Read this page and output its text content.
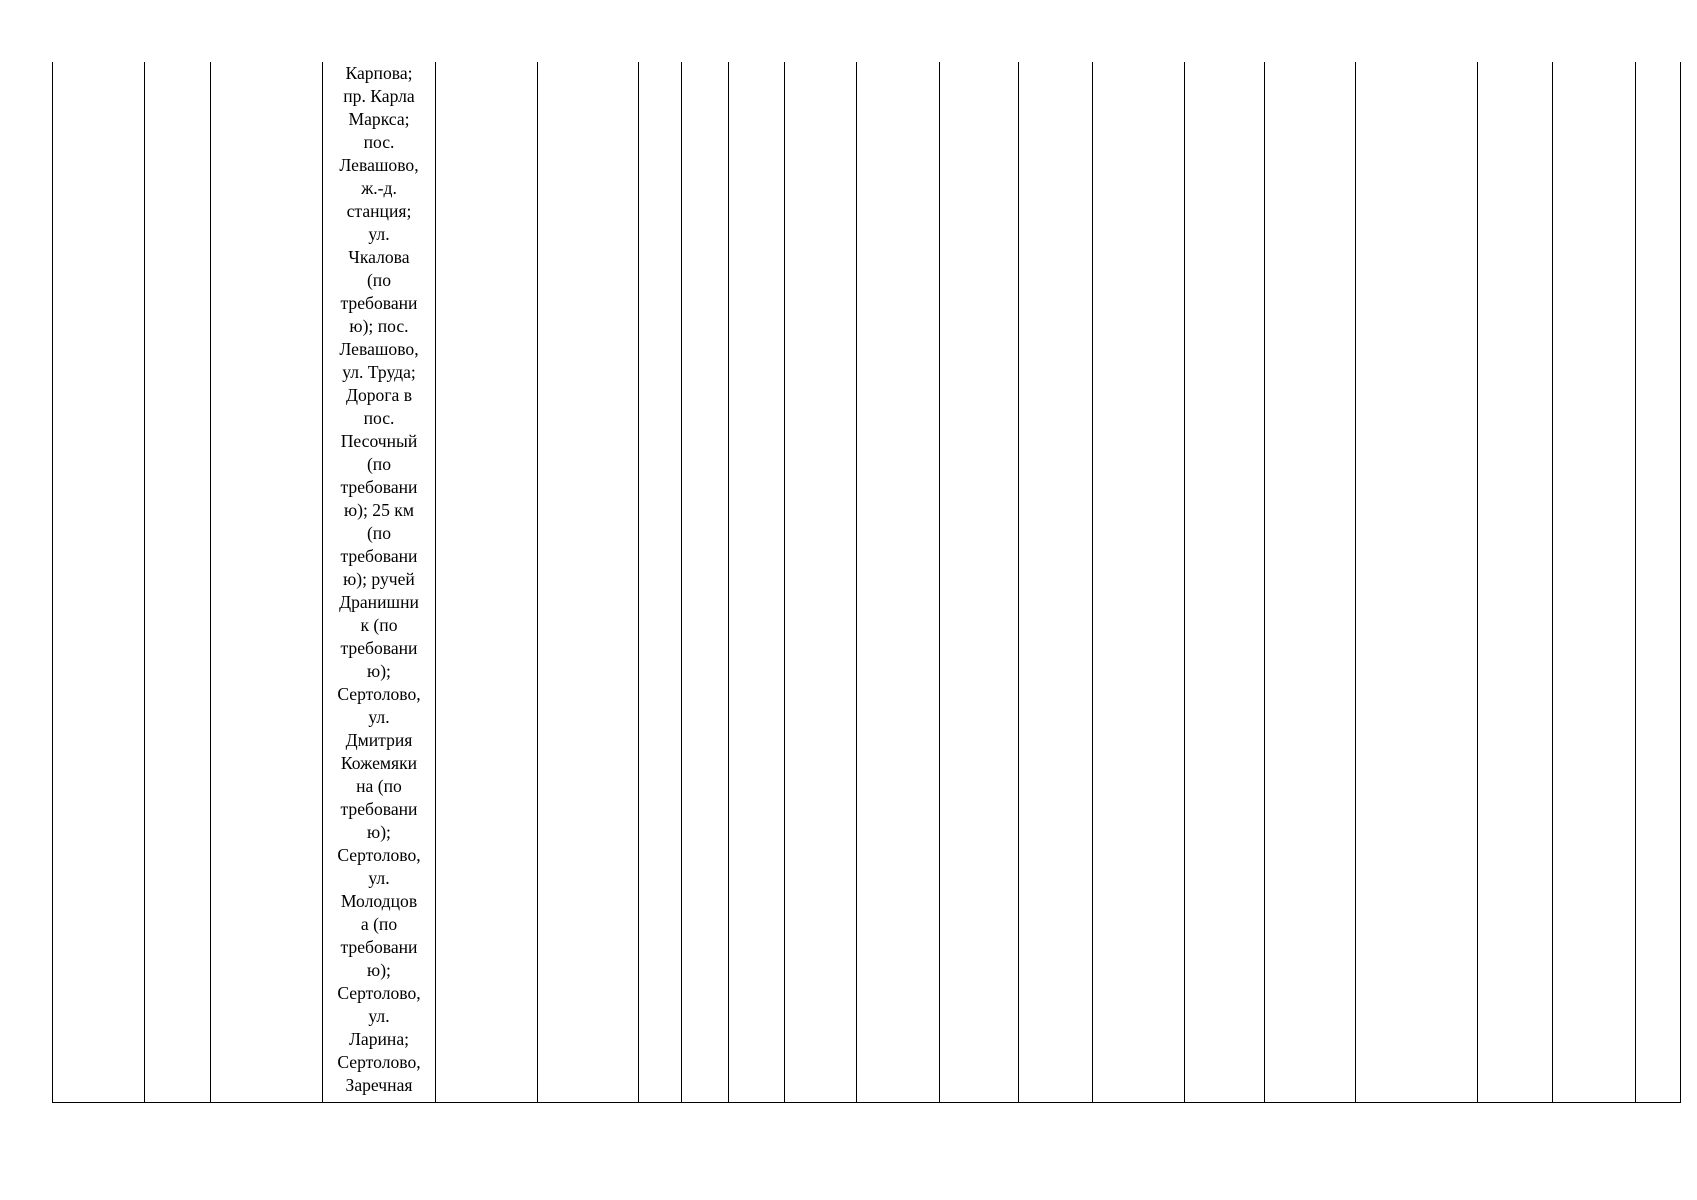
Карпова;
пр. Карла
Маркса;
пос.
Левашово,
ж.-д.
станция;
ул.
Чкалова
(по
требовани
ю); пос.
Левашово,
ул. Труда;
Дорога в
пос.
Песочный
(по
требовани
ю); 25 км
(по
требовани
ю); ручей
Дранишни
к (по
требовани
ю);
Сертолово,
ул.
Дмитрия
Кожемяки
на (по
требовани
ю);
Сертолово,
ул.
Молодцов
а (по
требовани
ю);
Сертолово,
ул.
Ларина;
Сертолово,
Заречная
